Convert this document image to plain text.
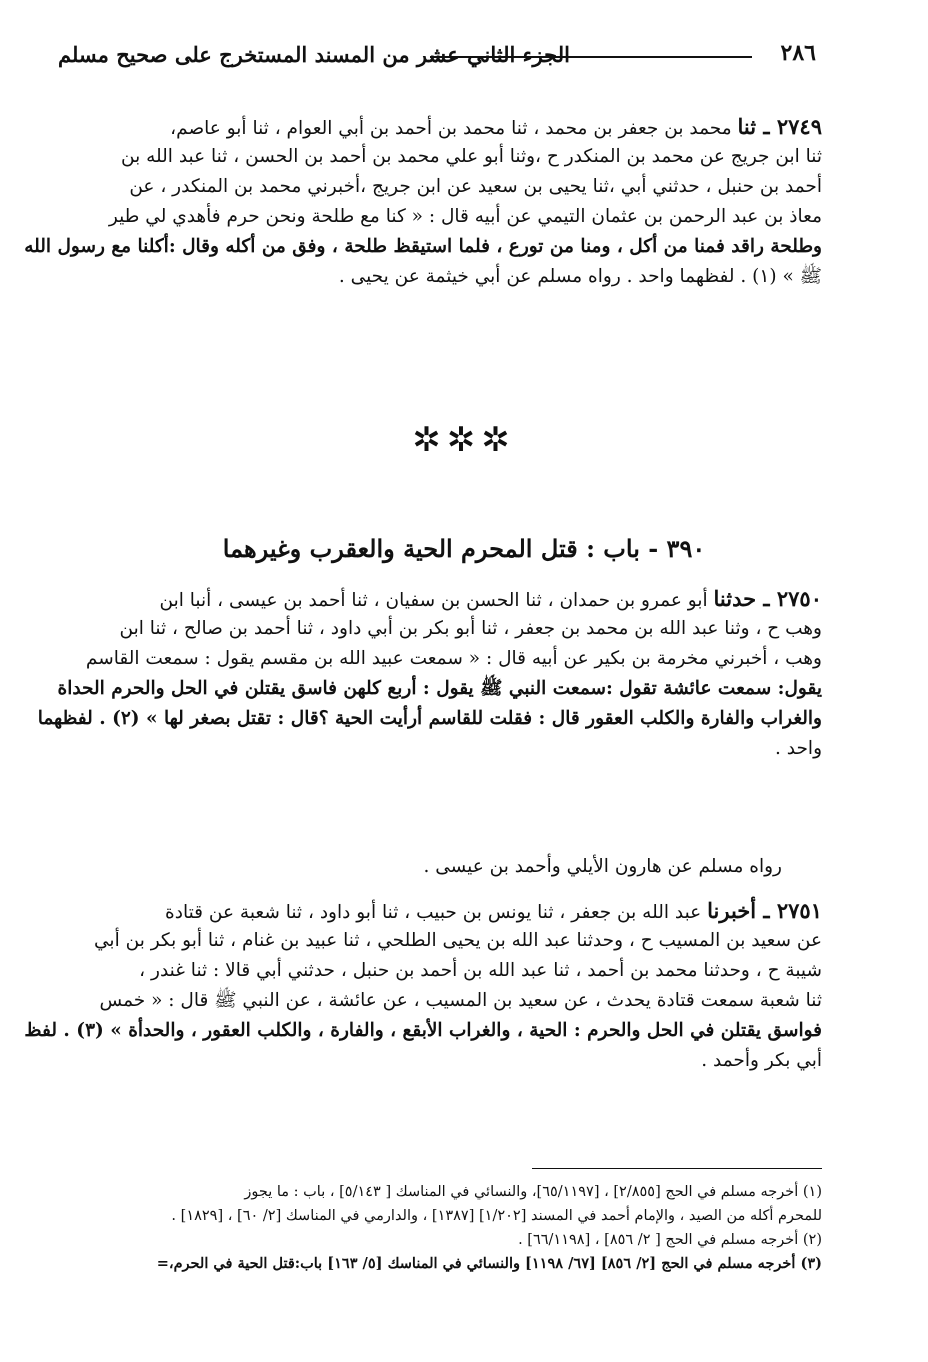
٢٨٦
الجزء الثاني عشر من المسند المستخرج على صحيح مسلم
٢٧٤٩ ـ ثنا محمد بن جعفر بن محمد ، ثنا محمد بن أحمد بن أبي العوام ، ثنا أبو عاصم،
ثنا ابن جريج عن محمد بن المنكدر ح ،وثنا أبو علي محمد بن أحمد بن الحسن ، ثنا عبد الله بن
أحمد بن حنبل ، حدثني أبي ،ثنا يحيى بن سعيد عن ابن جريج ،أخبرني محمد بن المنكدر ، عن
معاذ بن عبد الرحمن بن عثمان التيمي عن أبيه قال : « كنا مع طلحة ونحن حرم فأهدي لي طير
وطلحة راقد فمنا من أكل ، ومنا من تورع ، فلما استيقظ طلحة ، وفق من أكله وقال :أكلنا مع رسول الله
ﷺ » (١) . لفظهما واحد . رواه مسلم عن أبي خيثمة عن يحيى .
✲✲✲
٣٩٠ - باب : قتل المحرم الحية والعقرب وغيرهما
٢٧٥٠ ـ حدثنا أبو عمرو بن حمدان ، ثنا الحسن بن سفيان ، ثنا أحمد بن عيسى ، أنبا ابن
وهب ح ، وثنا عبد الله بن محمد بن جعفر ، ثنا أبو بكر بن أبي داود ، ثنا أحمد بن صالح ، ثنا ابن
وهب ، أخبرني مخرمة بن بكير عن أبيه قال : « سمعت عبيد الله بن مقسم يقول : سمعت القاسم
يقول: سمعت عائشة تقول :سمعت النبي ﷺ يقول : أربع كلهن فاسق يقتلن في الحل والحرم الحداة
والغراب والفارة والكلب العقور قال : فقلت للقاسم أرأيت الحية ؟قال : تقتل بصغر لها » (٢) . لفظهما
واحد .
رواه مسلم عن هارون الأيلي وأحمد بن عيسى .
٢٧٥١ ـ أخبرنا عبد الله بن جعفر ، ثنا يونس بن حبيب ، ثنا أبو داود ، ثنا شعبة عن قتادة
عن سعيد بن المسيب ح ، وحدثنا عبد الله بن يحيى الطلحي ، ثنا عبيد بن غنام ، ثنا أبو بكر بن أبي
شيبة ح ، وحدثنا محمد بن أحمد ، ثنا عبد الله بن أحمد بن حنبل ، حدثني أبي قالا : ثنا غندر ،
ثنا شعبة سمعت قتادة يحدث ، عن سعيد بن المسيب ، عن عائشة ، عن النبي ﷺ قال : « خمس
فواسق يقتلن في الحل والحرم : الحية ، والغراب الأبقع ، والفارة ، والكلب العقور ، والحدأة » (٣) . لفظ
أبي بكر وأحمد .
(١) أخرجه مسلم في الحج [٢/٨٥٥] ، [٦٥/١١٩٧]، والنسائي في المناسك [ ٥/١٤٣] ، باب : ما يجوز
للمحرم أكله من الصيد ، والإمام أحمد في المسند [١/٢٠٢] [١٣٨٧] ، والدارمي في المناسك [٢/ ٦٠] ، [١٨٢٩] .
(٢) أخرجه مسلم في الحج [ ٢/ ٨٥٦] ، [٦٦/١١٩٨] .
(٣) أخرجه مسلم في الحج [٢/ ٨٥٦] [٦٧/ ١١٩٨] والنسائي في المناسك [٥/ ١٦٣] باب:قتل الحية في الحرم،=
